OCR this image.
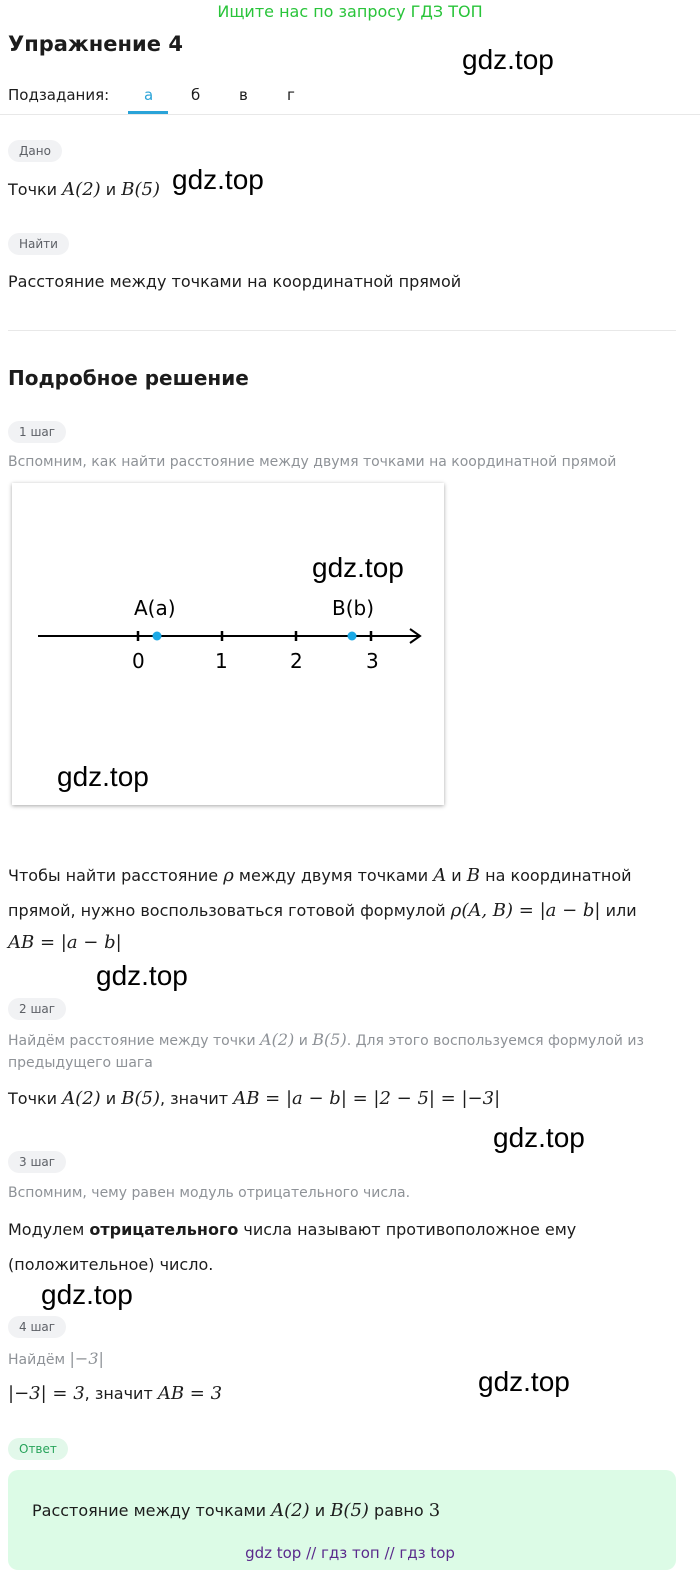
Ищите нас по запросу ГДЗ ТОП
Упражнение 4	gdz.top
Подзадания: а	б	в	г
Дано
Точки A(2) и B(5) gdz.top
Найти
Расстояние между точками на координатной прямой
Подробное решение
1 шаг
Вспомним, как найти расстояние между двумя точками на координатной прямой
A(a)	B(b)
0	1	2	3
gdz.top
gdz.top
Чтобы найти расстояние ρ между двумя точками A и B на координатной
прямой, нужно воспользоваться готовой формулой ρ(A, B) = |a − b| или
AB = |a − b|
gdz.top
2 шаг
Найдём расстояние между точки A(2) и B(5). Для этого воспользуемся формулой из
предыдущего шага
Точки A(2) и B(5), значит AB = |a − b| = |2 − 5| = |−3|
gdz.top
3 шаг
Вспомним, чему равен модуль отрицательного числа.
Модулем отрицательного числа называют противоположное ему
(положительное) число.
gdz.top
4 шаг
Найдём |−3|
|−3| = 3, значит AB = 3	gdz.top
Ответ
Расстояние между точками A(2) и B(5) равно 3
gdz top // гдз топ // гдз top
